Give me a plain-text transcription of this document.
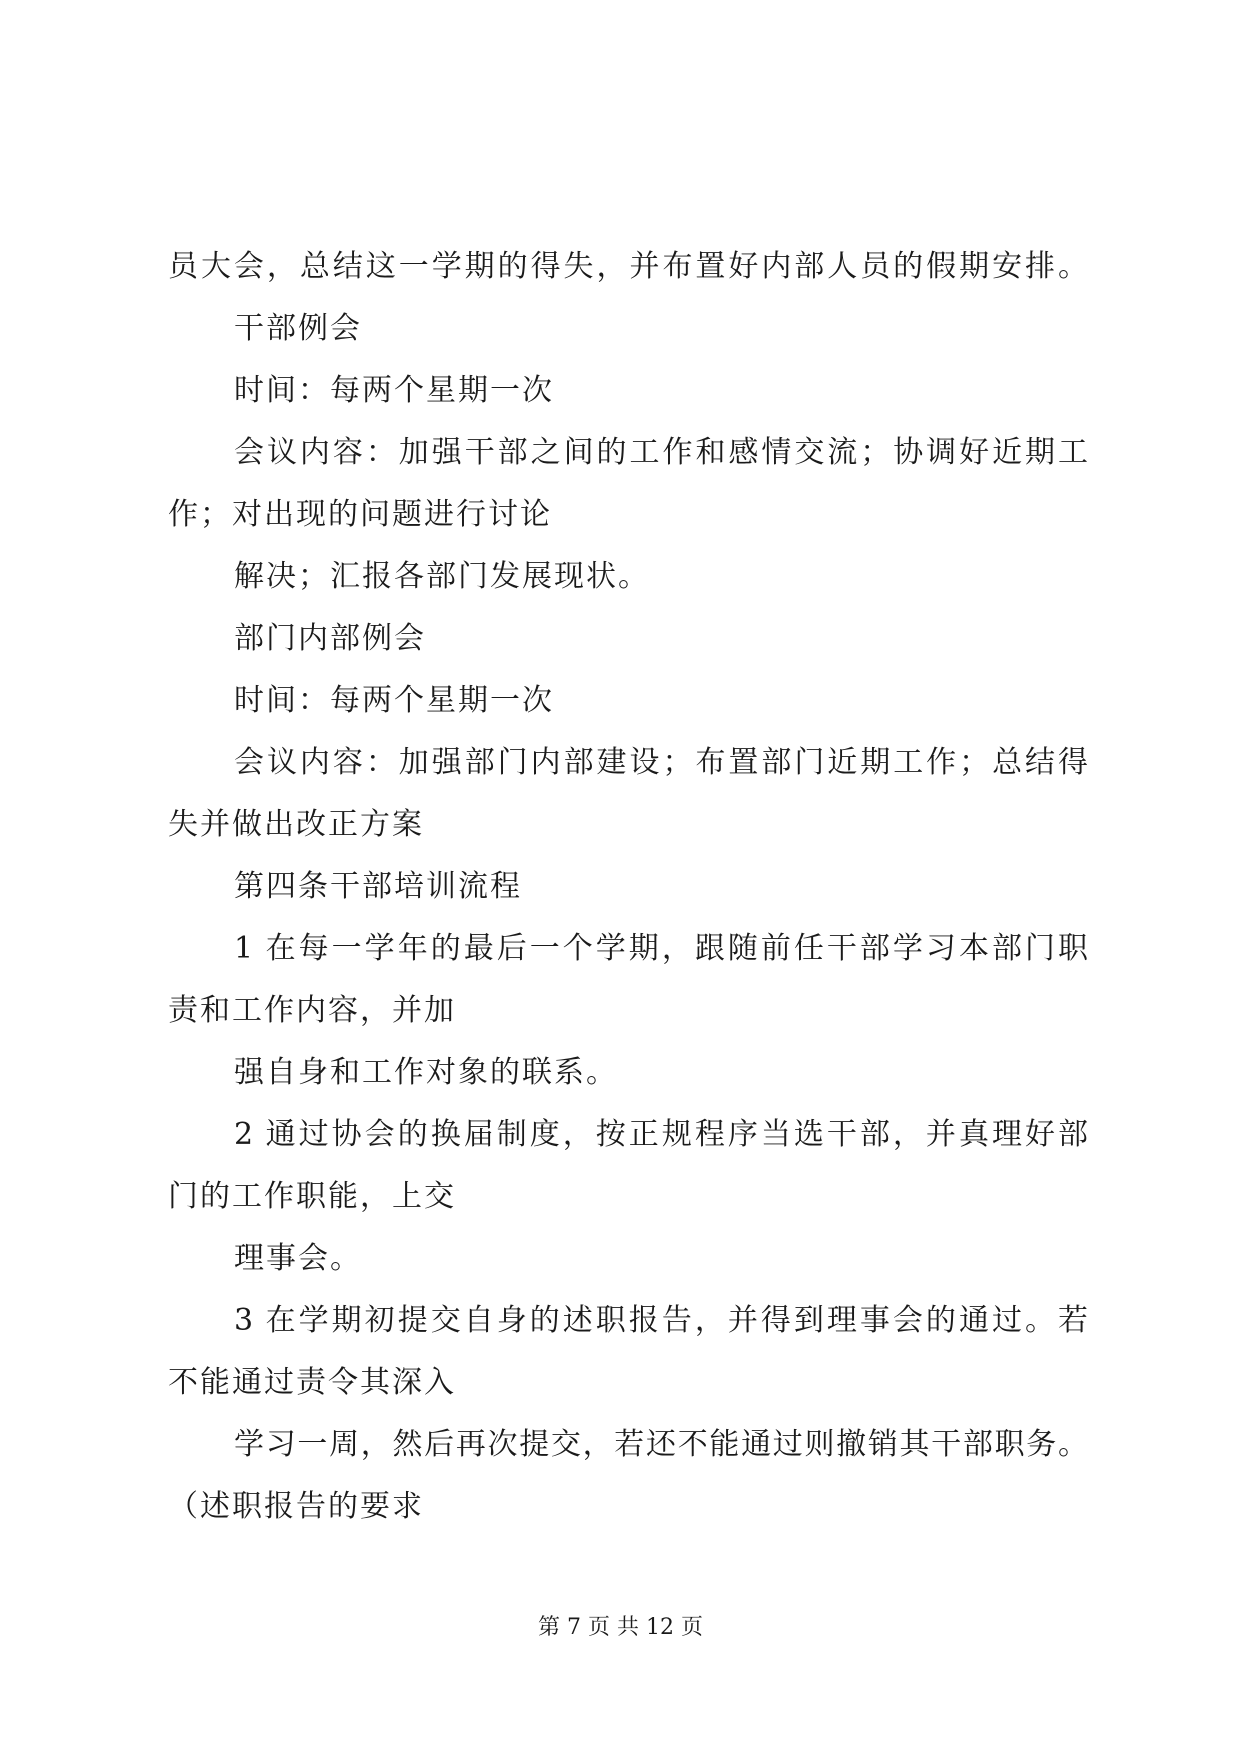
员大会，总结这一学期的得失，并布置好内部人员的假期安排。
干部例会
时间：每两个星期一次
会议内容：加强干部之间的工作和感情交流；协调好近期工
作；对出现的问题进行讨论
解决；汇报各部门发展现状。
部门内部例会
时间：每两个星期一次
会议内容：加强部门内部建设；布置部门近期工作；总结得
失并做出改正方案
第四条干部培训流程
1 在每一学年的最后一个学期，跟随前任干部学习本部门职
责和工作内容，并加
强自身和工作对象的联系。
2 通过协会的换届制度，按正规程序当选干部，并真理好部
门的工作职能，上交
理事会。
3 在学期初提交自身的述职报告，并得到理事会的通过。若
不能通过责令其深入
学习一周，然后再次提交，若还不能通过则撤销其干部职务。
（述职报告的要求
第 7 页 共 12 页
